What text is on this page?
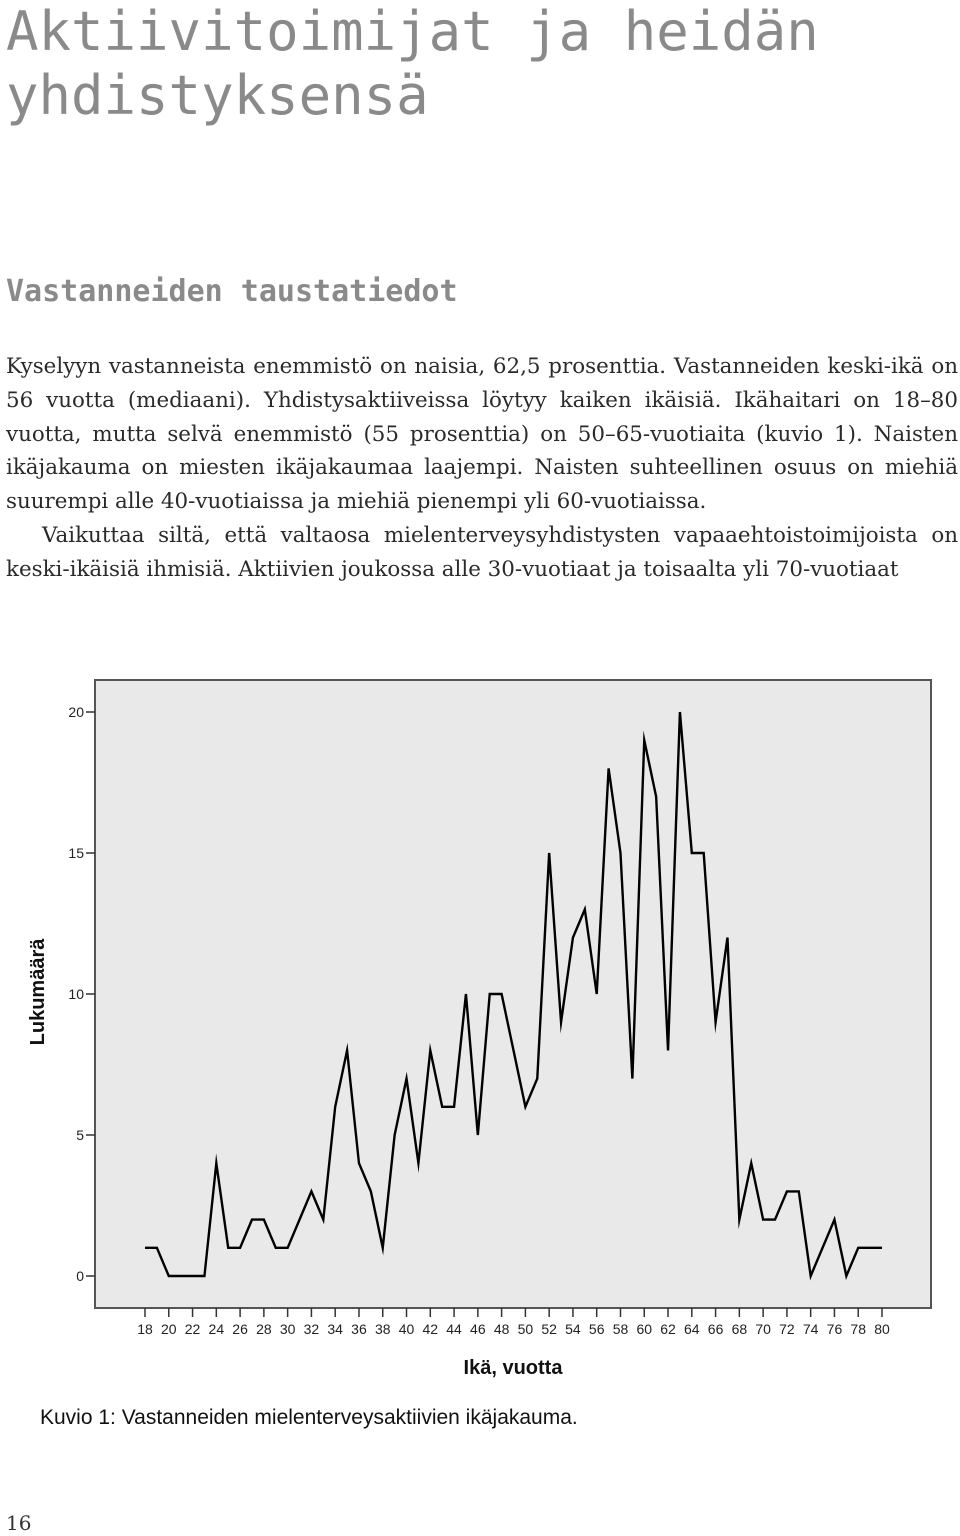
Aktiivitoimijat ja heidän
yhdistyksensä
Vastanneiden taustatiedot

Kyselyyn vastanneista enemmistö on naisia, 62,5 prosenttia. Vastanneiden keski-ikä on 56 vuotta (mediaani). Yhdistysaktiiveissa löytyy kaiken ikäisiä. Ikähaitari on 18–80 vuotta, mutta selvä enemmistö (55 prosenttia) on 50–65-vuotiaita (kuvio 1). Naisten ikäjakauma on miesten ikäjakaumaa laajempi. Naisten suhteellinen osuus on miehiä suurempi alle 40-vuotiaissa ja miehiä pienempi yli 60-vuotiaissa.

Vaikuttaa siltä, että valtaosa mielenterveysyhdistysten vapaaehtoistoimijoista on keski-ikäisiä ihmisiä. Aktiivien joukossa alle 30-vuotiaat ja toisaalta yli 70-vuotiaat

0
5
10
15
20
18 20 22 24 26 28 30 32 34 36 38 40 42 44 46 48 50 52 54 56 58 60 62 64 66 68 70 72 74 76 78 80
Lukumäärä
Ikä, vuotta
Kuvio 1: Vastanneiden mielenterveysaktiivien ikäjakauma.
16
